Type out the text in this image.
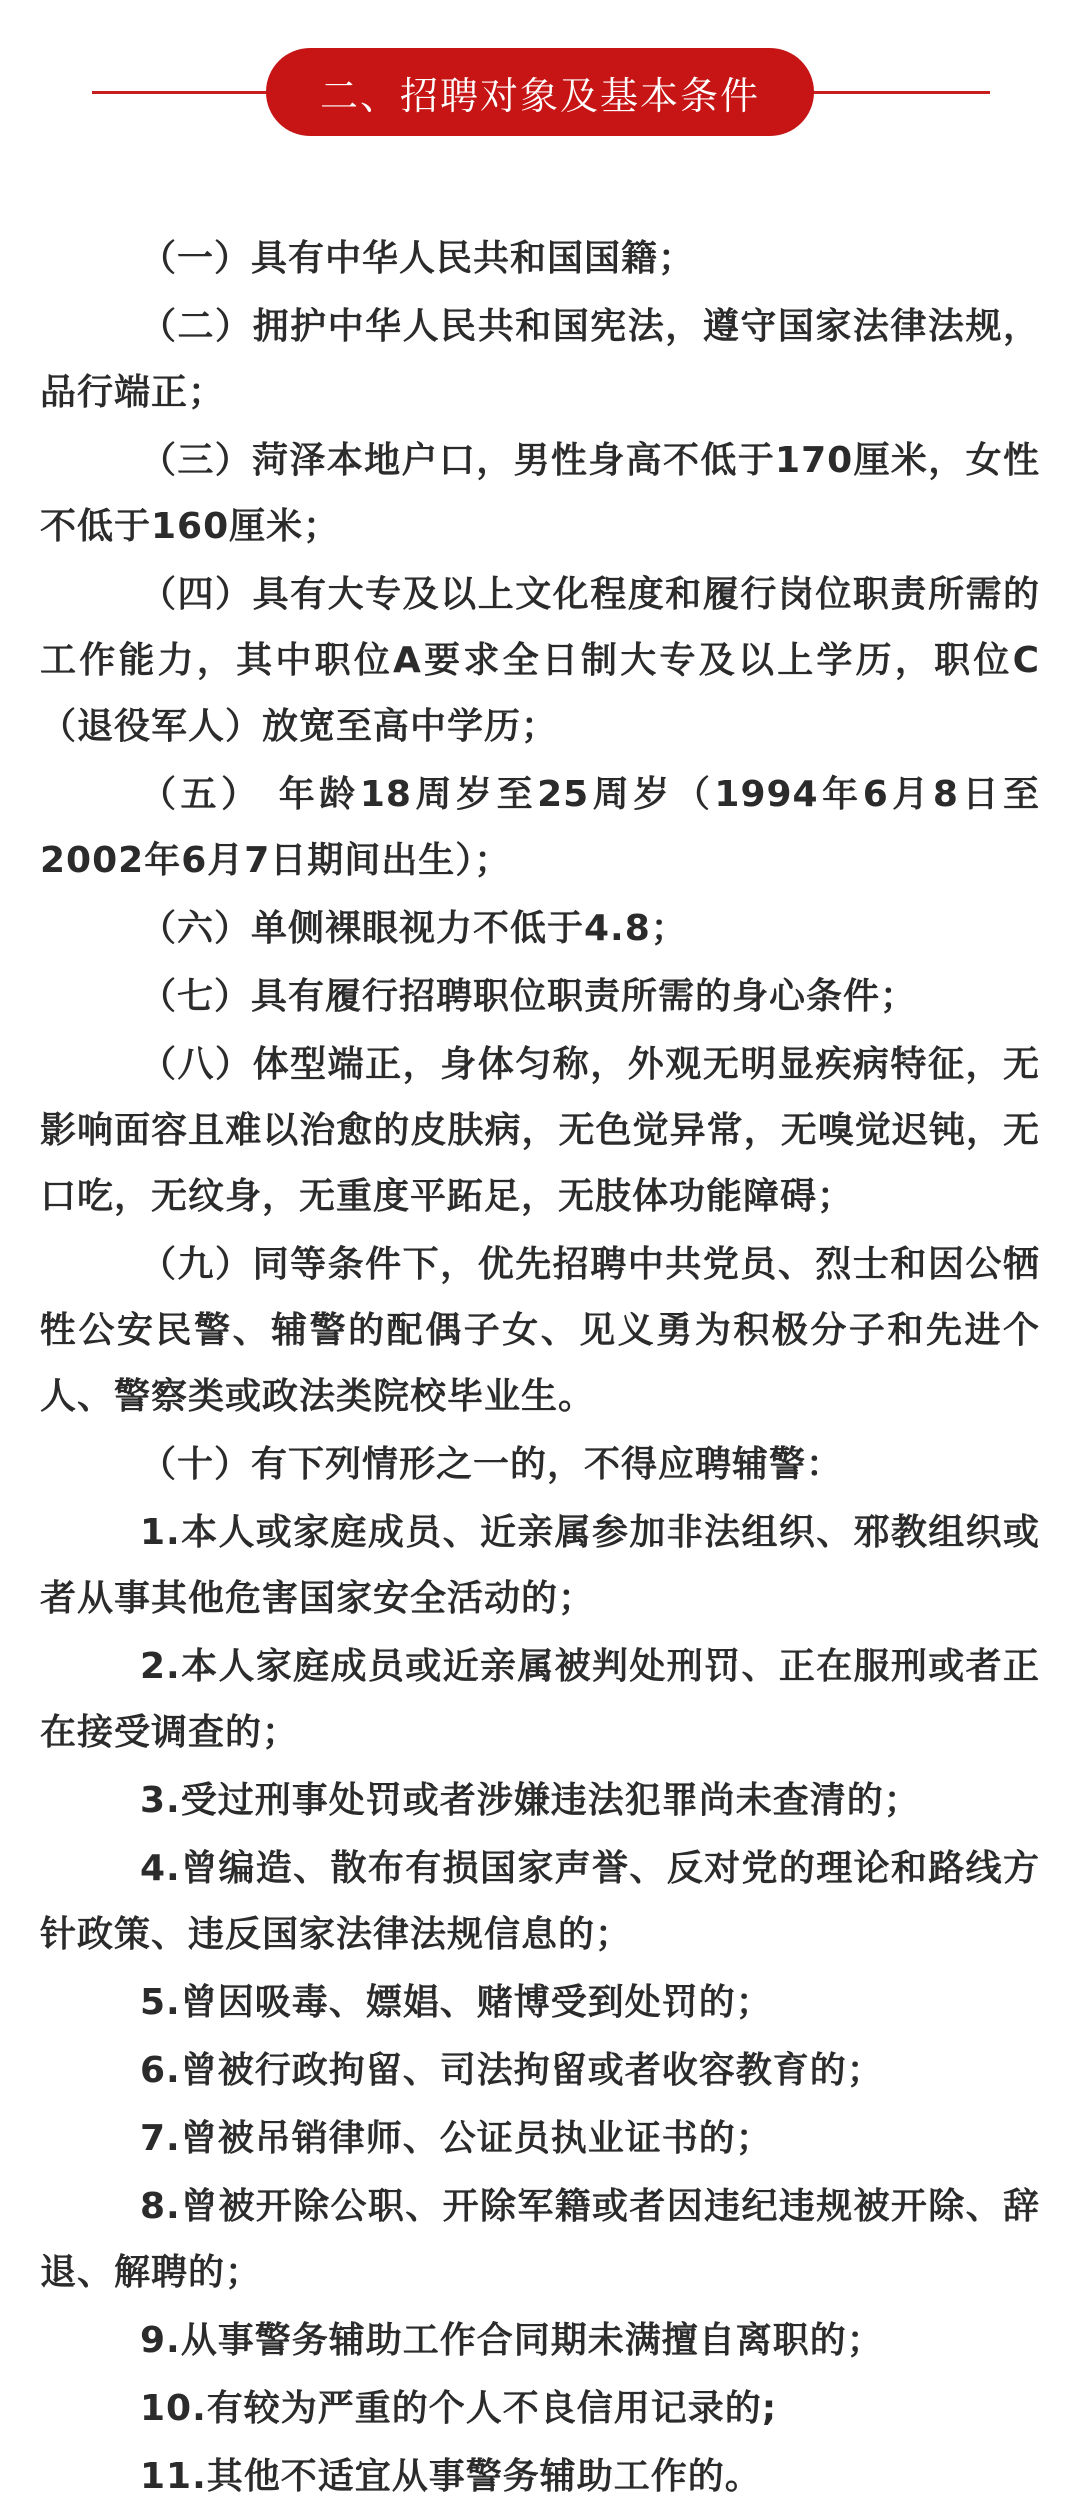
二、招聘对象及基本条件

（一）具有中华人民共和国国籍；

（二）拥护中华人民共和国宪法，遵守国家法律法规，品行端正；

（三）菏泽本地户口，男性身高不低于170厘米，女性不低于160厘米；

（四）具有大专及以上文化程度和履行岗位职责所需的工作能力，其中职位A要求全日制大专及以上学历，职位C（退役军人）放宽至高中学历；

（五） 年龄18周岁至25周岁（1994年6月8日至2002年6月7日期间出生）；

（六）单侧裸眼视力不低于4.8；

（七）具有履行招聘职位职责所需的身心条件；

（八）体型端正，身体匀称，外观无明显疾病特征，无影响面容且难以治愈的皮肤病，无色觉异常，无嗅觉迟钝，无口吃，无纹身，无重度平跖足，无肢体功能障碍；

（九）同等条件下，优先招聘中共党员、烈士和因公牺牲公安民警、辅警的配偶子女、见义勇为积极分子和先进个人、警察类或政法类院校毕业生。

（十）有下列情形之一的，不得应聘辅警：

1.本人或家庭成员、近亲属参加非法组织、邪教组织或者从事其他危害国家安全活动的；

2.本人家庭成员或近亲属被判处刑罚、正在服刑或者正在接受调查的；

3.受过刑事处罚或者涉嫌违法犯罪尚未查清的；

4.曾编造、散布有损国家声誉、反对党的理论和路线方针政策、违反国家法律法规信息的；

5.曾因吸毒、嫖娼、赌博受到处罚的；

6.曾被行政拘留、司法拘留或者收容教育的；

7.曾被吊销律师、公证员执业证书的；

8.曾被开除公职、开除军籍或者因违纪违规被开除、辞退、解聘的；

9.从事警务辅助工作合同期未满擅自离职的；

10.有较为严重的个人不良信用记录的;

11.其他不适宜从事警务辅助工作的。
